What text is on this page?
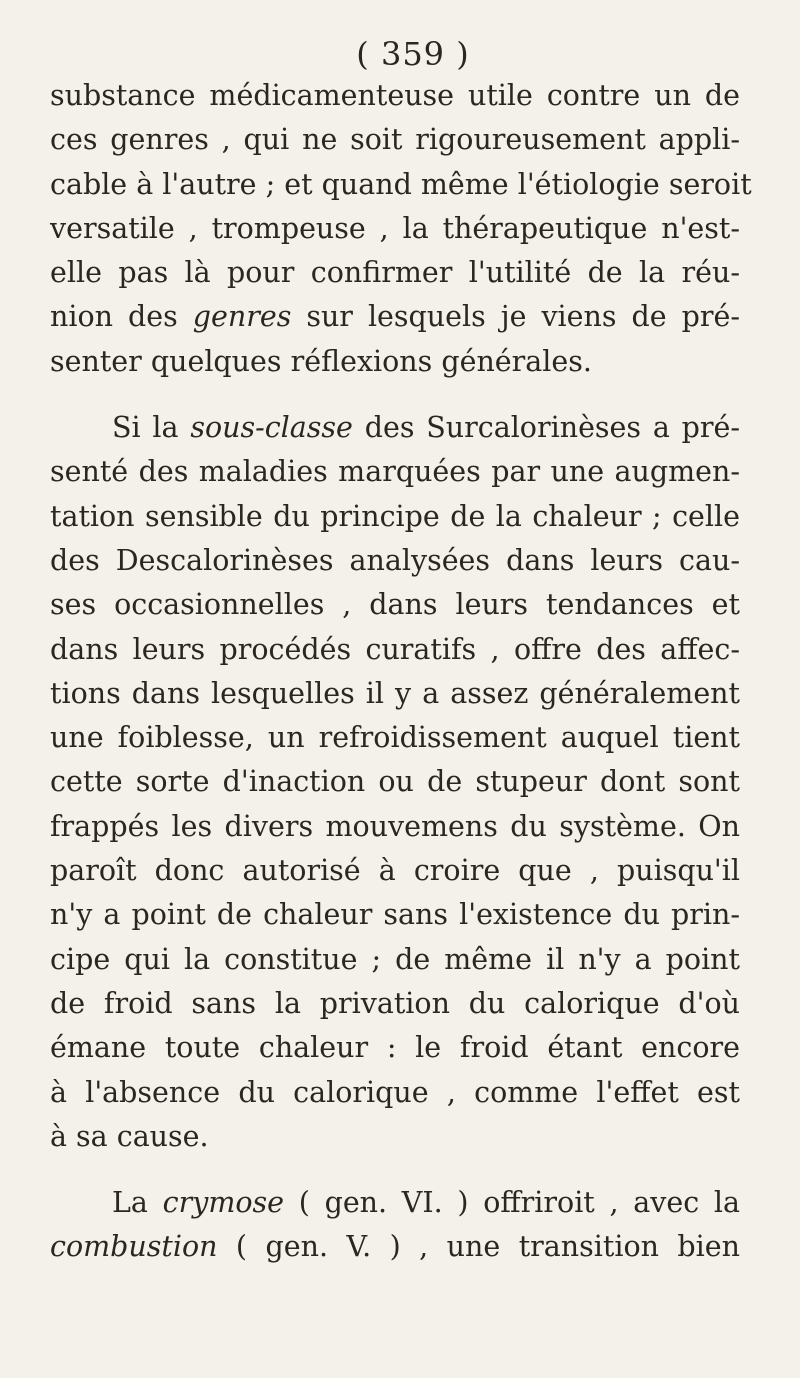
( 359 )
substance médicamenteuse utile contre un de
ces genres , qui ne soit rigoureusement appli-
cable à l'autre ; et quand même l'étiologie seroit
versatile , trompeuse , la thérapeutique n'est-
elle pas là pour confirmer l'utilité de la réu-
nion des genres sur lesquels je viens de pré-
senter quelques réflexions générales.
Si la sous-classe des Surcalorinèses a pré-
senté des maladies marquées par une augmen-
tation sensible du principe de la chaleur ; celle
des Descalorinèses analysées dans leurs cau-
ses occasionnelles , dans leurs tendances et
dans leurs procédés curatifs , offre des affec-
tions dans lesquelles il y a assez généralement
une foiblesse, un refroidissement auquel tient
cette sorte d'inaction ou de stupeur dont sont
frappés les divers mouvemens du système. On
paroît donc autorisé à croire que , puisqu'il
n'y a point de chaleur sans l'existence du prin-
cipe qui la constitue ; de même il n'y a point
de froid sans la privation du calorique d'où
émane toute chaleur : le froid étant encore
à l'absence du calorique , comme l'effet est
à sa cause.
La crymose ( gen. VI. ) offriroit , avec la
combustion ( gen. V. ) , une transition bien
